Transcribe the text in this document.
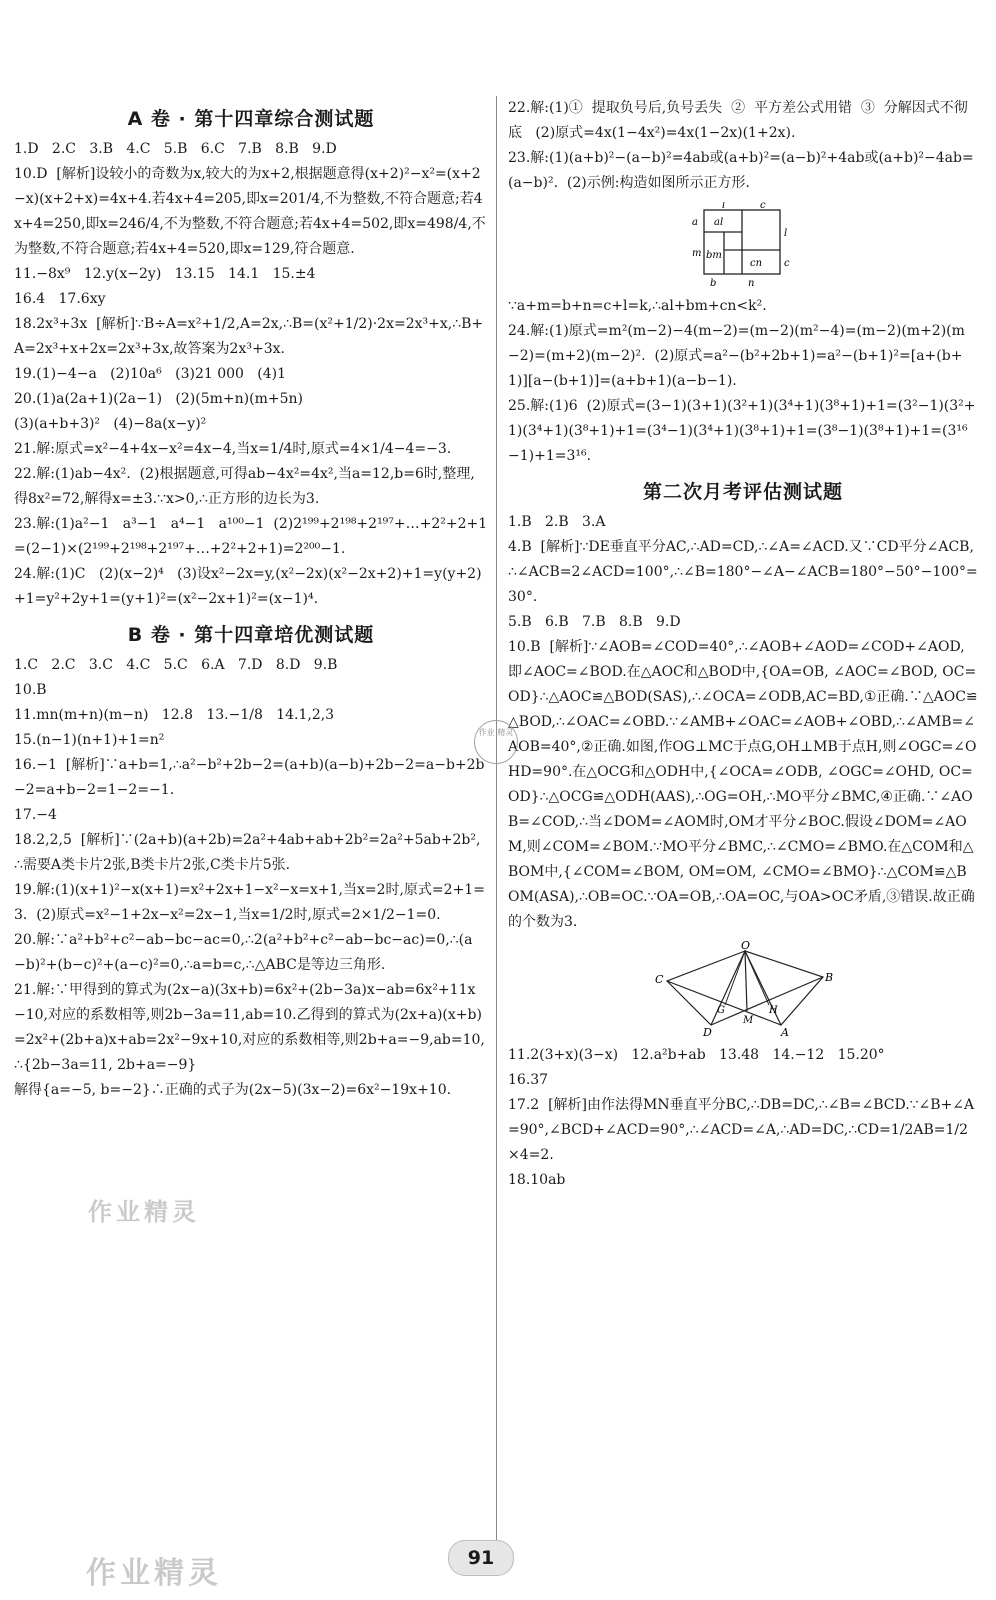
A 卷 · 第十四章综合测试题
1.D   2.C   3.B   4.C   5.B   6.C   7.B   8.B   9.D
10.D  [解析]设较小的奇数为x,较大的为x+2,根据题意得(x+2)²−x²=(x+2−x)(x+2+x)=4x+4.若4x+4=205,即x=201/4,不为整数,不符合题意;若4x+4=250,即x=246/4,不为整数,不符合题意;若4x+4=502,即x=498/4,不为整数,不符合题意;若4x+4=520,即x=129,符合题意.
11.−8x⁹   12.y(x−2y)   13.15   14.1   15.±4
16.4   17.6xy
18.2x³+3x  [解析]∵B÷A=x²+1/2,A=2x,∴B=(x²+1/2)·2x=2x³+x,∴B+A=2x³+x+2x=2x³+3x,故答案为2x³+3x.
19.(1)−4−a   (2)10a⁶   (3)21 000   (4)1
20.(1)a(2a+1)(2a−1)   (2)(5m+n)(m+5n)
(3)(a+b+3)²   (4)−8a(x−y)²
21.解:原式=x²−4+4x−x²=4x−4,当x=1/4时,原式=4×1/4−4=−3.
22.解:(1)ab−4x².  (2)根据题意,可得ab−4x²=4x²,当a=12,b=6时,整理,得8x²=72,解得x=±3.∵x>0,∴正方形的边长为3.
23.解:(1)a²−1   a³−1   a⁴−1   a¹⁰⁰−1  (2)2¹⁹⁹+2¹⁹⁸+2¹⁹⁷+…+2²+2+1=(2−1)×(2¹⁹⁹+2¹⁹⁸+2¹⁹⁷+…+2²+2+1)=2²⁰⁰−1.
24.解:(1)C   (2)(x−2)⁴   (3)设x²−2x=y,(x²−2x)(x²−2x+2)+1=y(y+2)+1=y²+2y+1=(y+1)²=(x²−2x+1)²=(x−1)⁴.
B 卷 · 第十四章培优测试题
1.C   2.C   3.C   4.C   5.C   6.A   7.D   8.D   9.B
10.B
11.mn(m+n)(m−n)   12.8   13.−1/8   14.1,2,3
15.(n−1)(n+1)+1=n²
16.−1  [解析]∵a+b=1,∴a²−b²+2b−2=(a+b)(a−b)+2b−2=a−b+2b−2=a+b−2=1−2=−1.
17.−4
18.2,2,5  [解析]∵(2a+b)(a+2b)=2a²+4ab+ab+2b²=2a²+5ab+2b²,∴需要A类卡片2张,B类卡片2张,C类卡片5张.
19.解:(1)(x+1)²−x(x+1)=x²+2x+1−x²−x=x+1,当x=2时,原式=2+1=3.  (2)原式=x²−1+2x−x²=2x−1,当x=1/2时,原式=2×1/2−1=0.
20.解:∵a²+b²+c²−ab−bc−ac=0,∴2(a²+b²+c²−ab−bc−ac)=0,∴(a−b)²+(b−c)²+(a−c)²=0,∴a=b=c,∴△ABC是等边三角形.
21.解:∵甲得到的算式为(2x−a)(3x+b)=6x²+(2b−3a)x−ab=6x²+11x−10,对应的系数相等,则2b−3a=11,ab=10.乙得到的算式为(2x+a)(x+b)=2x²+(2b+a)x+ab=2x²−9x+10,对应的系数相等,则2b+a=−9,ab=10,∴{2b−3a=11, 2b+a=−9}
解得{a=−5, b=−2}∴正确的式子为(2x−5)(3x−2)=6x²−19x+10.
22.解:(1)①  提取负号后,负号丢失  ②  平方差公式用错  ③  分解因式不彻底   (2)原式=4x(1−4x²)=4x(1−2x)(1+2x).
23.解:(1)(a+b)²−(a−b)²=4ab或(a+b)²=(a−b)²+4ab或(a+b)²−4ab=(a−b)².  (2)示例:构造如图所示正方形.
l	c
a al
l
m bm
cn c
b	n
∵a+m=b+n=c+l=k,∴al+bm+cn<k².
24.解:(1)原式=m²(m−2)−4(m−2)=(m−2)(m²−4)=(m−2)(m+2)(m−2)=(m+2)(m−2)².  (2)原式=a²−(b²+2b+1)=a²−(b+1)²=[a+(b+1)][a−(b+1)]=(a+b+1)(a−b−1).
25.解:(1)6  (2)原式=(3−1)(3+1)(3²+1)(3⁴+1)(3⁸+1)+1=(3²−1)(3²+1)(3⁴+1)(3⁸+1)+1=(3⁴−1)(3⁴+1)(3⁸+1)+1=(3⁸−1)(3⁸+1)+1=(3¹⁶−1)+1=3¹⁶.
第二次月考评估测试题
1.B   2.B   3.A
4.B  [解析]∵DE垂直平分AC,∴AD=CD,∴∠A=∠ACD.又∵CD平分∠ACB,∴∠ACB=2∠ACD=100°,∴∠B=180°−∠A−∠ACB=180°−50°−100°=30°.
5.B   6.B   7.B   8.B   9.D
10.B  [解析]∵∠AOB=∠COD=40°,∴∠AOB+∠AOD=∠COD+∠AOD,即∠AOC=∠BOD.在△AOC和△BOD中,{OA=OB, ∠AOC=∠BOD, OC=OD}∴△AOC≌△BOD(SAS),∴∠OCA=∠ODB,AC=BD,①正确.∵△AOC≌△BOD,∴∠OAC=∠OBD.∵∠AMB+∠OAC=∠AOB+∠OBD,∴∠AMB=∠AOB=40°,②正确.如图,作OG⊥MC于点G,OH⊥MB于点H,则∠OGC=∠OHD=90°.在△OCG和△ODH中,{∠OCA=∠ODB, ∠OGC=∠OHD, OC=OD}∴△OCG≌△ODH(AAS),∴OG=OH,∴MO平分∠BMC,④正确.∵∠AOB=∠COD,∴当∠DOM=∠AOM时,OM才平分∠BOC.假设∠DOM=∠AOM,则∠COM=∠BOM.∵MO平分∠BMC,∴∠CMO=∠BMO.在△COM和△BOM中,{∠COM=∠BOM, OM=OM, ∠CMO=∠BMO}∴△COM≌△BOM(ASA),∴OB=OC.∵OA=OB,∴OA=OC,与OA>OC矛盾,③错误.故正确的个数为3.
O
C	B
G
M
H
D	A
11.2(3+x)(3−x)   12.a²b+ab   13.48   14.−12   15.20°
16.37
17.2  [解析]由作法得MN垂直平分BC,∴DB=DC,∴∠B=∠BCD.∵∠B+∠A=90°,∠BCD+∠ACD=90°,∴∠ACD=∠A,∴AD=DC,∴CD=1/2AB=1/2×4=2.
18.10ab
作业 精灵
作业精灵
作业精灵
91
